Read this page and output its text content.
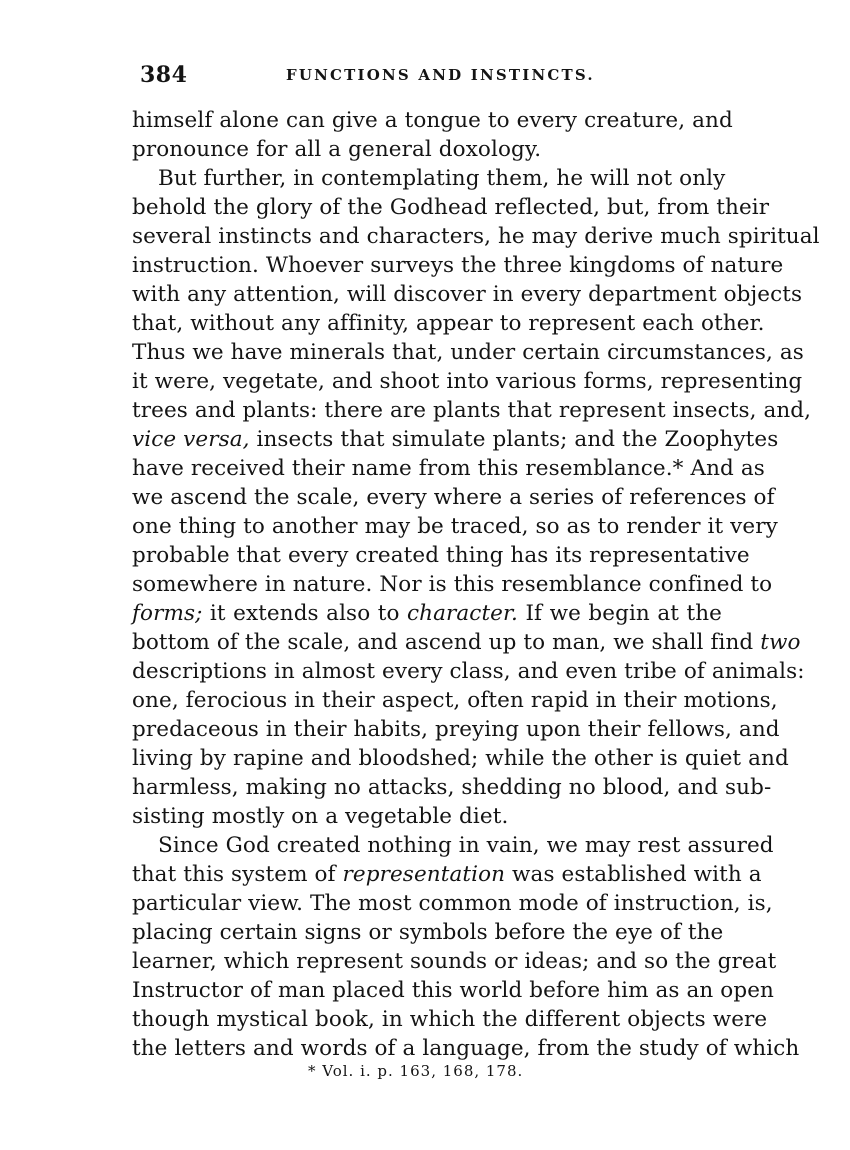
384	FUNCTIONS AND INSTINCTS.
himself alone can give a tongue to every creature, and
pronounce for all a general doxology.
But further, in contemplating them, he will not only
behold the glory of the Godhead reflected, but, from their
several instincts and characters, he may derive much spiritual
instruction. Whoever surveys the three kingdoms of nature
with any attention, will discover in every department objects
that, without any affinity, appear to represent each other.
Thus we have minerals that, under certain circumstances, as
it were, vegetate, and shoot into various forms, representing
trees and plants: there are plants that represent insects, and,
vice versa, insects that simulate plants; and the Zoophytes
have received their name from this resemblance.* And as
we ascend the scale, every where a series of references of
one thing to another may be traced, so as to render it very
probable that every created thing has its representative
somewhere in nature. Nor is this resemblance confined to
forms; it extends also to character. If we begin at the
bottom of the scale, and ascend up to man, we shall find two
descriptions in almost every class, and even tribe of animals:
one, ferocious in their aspect, often rapid in their motions,
predaceous in their habits, preying upon their fellows, and
living by rapine and bloodshed; while the other is quiet and
harmless, making no attacks, shedding no blood, and sub-
sisting mostly on a vegetable diet.
Since God created nothing in vain, we may rest assured
that this system of representation was established with a
particular view. The most common mode of instruction, is,
placing certain signs or symbols before the eye of the
learner, which represent sounds or ideas; and so the great
Instructor of man placed this world before him as an open
though mystical book, in which the different objects were
the letters and words of a language, from the study of which
* Vol. i. p. 163, 168, 178.
